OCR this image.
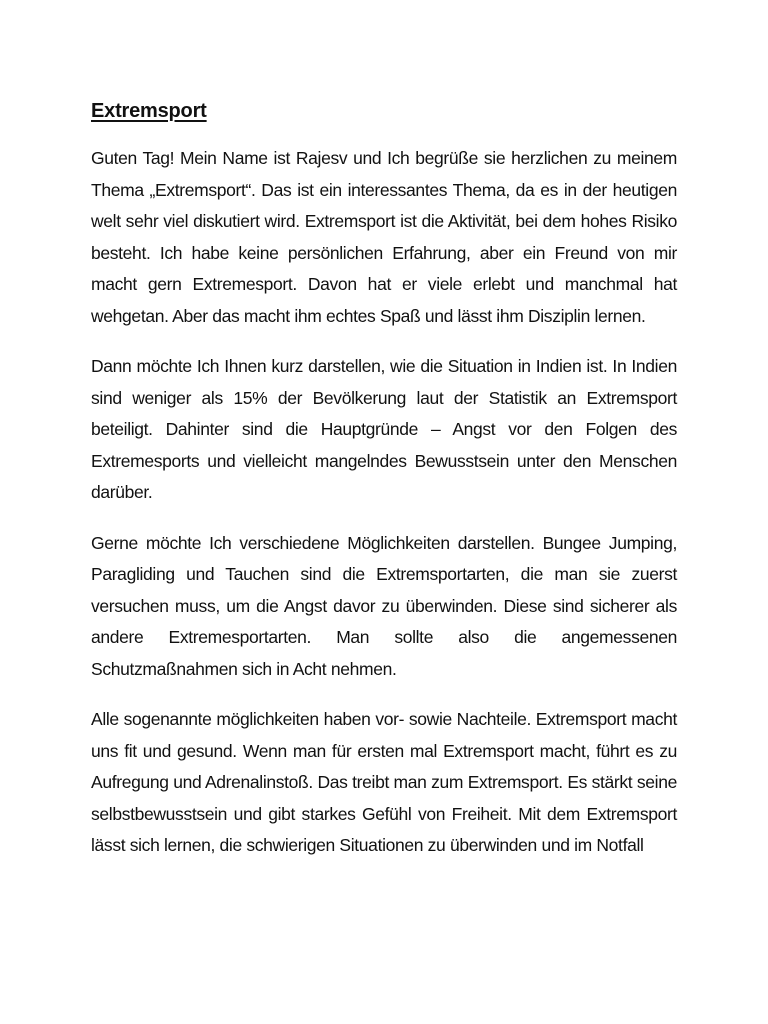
Extremsport

Guten Tag! Mein Name ist Rajesv und Ich begrüße sie herzlichen zu meinem Thema „Extremsport“. Das ist ein interessantes Thema, da es in der heutigen welt sehr viel diskutiert wird. Extremsport ist die Aktivität, bei dem hohes Risiko besteht. Ich habe keine persönlichen Erfahrung, aber ein Freund von mir macht gern Extremesport. Davon hat er viele erlebt und manchmal hat wehgetan. Aber das macht ihm echtes Spaß und lässt ihm Disziplin lernen.

Dann möchte Ich Ihnen kurz darstellen, wie die Situation in Indien ist. In Indien sind weniger als 15% der Bevölkerung laut der Statistik an Extremsport beteiligt. Dahinter sind die Hauptgründe – Angst vor den Folgen des Extremesports und vielleicht mangelndes Bewusstsein unter den Menschen darüber.

Gerne möchte Ich verschiedene Möglichkeiten darstellen. Bungee Jumping, Paragliding und Tauchen sind die Extremsportarten, die man sie zuerst versuchen muss, um die Angst davor zu überwinden. Diese sind sicherer als andere Extremesportarten. Man sollte also die angemessenen Schutzmaßnahmen sich in Acht nehmen.

Alle sogenannte möglichkeiten haben vor- sowie Nachteile. Extremsport macht uns fit und gesund. Wenn man für ersten mal Extremsport macht, führt es zu Aufregung und Adrenalinstoß. Das treibt man zum Extremsport. Es stärkt seine selbstbewusstsein und gibt starkes Gefühl von Freiheit. Mit dem Extremsport lässt sich lernen, die schwierigen Situationen zu überwinden und im Notfall
